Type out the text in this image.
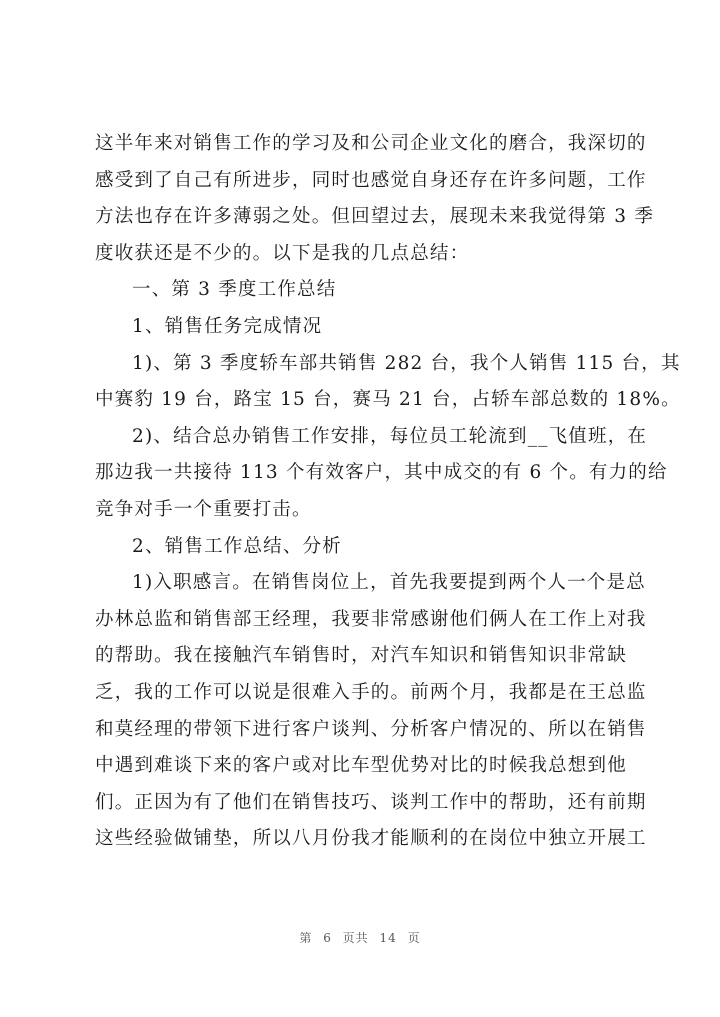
这半年来对销售工作的学习及和公司企业文化的磨合，我深切的
感受到了自己有所进步，同时也感觉自身还存在许多问题，工作
方法也存在许多薄弱之处。但回望过去，展现未来我觉得第 3 季
度收获还是不少的。以下是我的几点总结：
一、第 3 季度工作总结
1、销售任务完成情况
1)、第 3 季度轿车部共销售 282 台，我个人销售 115 台，其
中赛豹 19 台，路宝 15 台，赛马 21 台，占轿车部总数的 18%。
2)、结合总办销售工作安排，每位员工轮流到__飞值班，在
那边我一共接待 113 个有效客户，其中成交的有 6 个。有力的给
竞争对手一个重要打击。
2、销售工作总结、分析
1)入职感言。在销售岗位上，首先我要提到两个人一个是总
办林总监和销售部王经理，我要非常感谢他们俩人在工作上对我
的帮助。我在接触汽车销售时，对汽车知识和销售知识非常缺
乏，我的工作可以说是很难入手的。前两个月，我都是在王总监
和莫经理的带领下进行客户谈判、分析客户情况的、所以在销售
中遇到难谈下来的客户或对比车型优势对比的时候我总想到他
们。正因为有了他们在销售技巧、谈判工作中的帮助，还有前期
这些经验做铺垫，所以八月份我才能顺利的在岗位中独立开展工
第 6 页共 14 页
